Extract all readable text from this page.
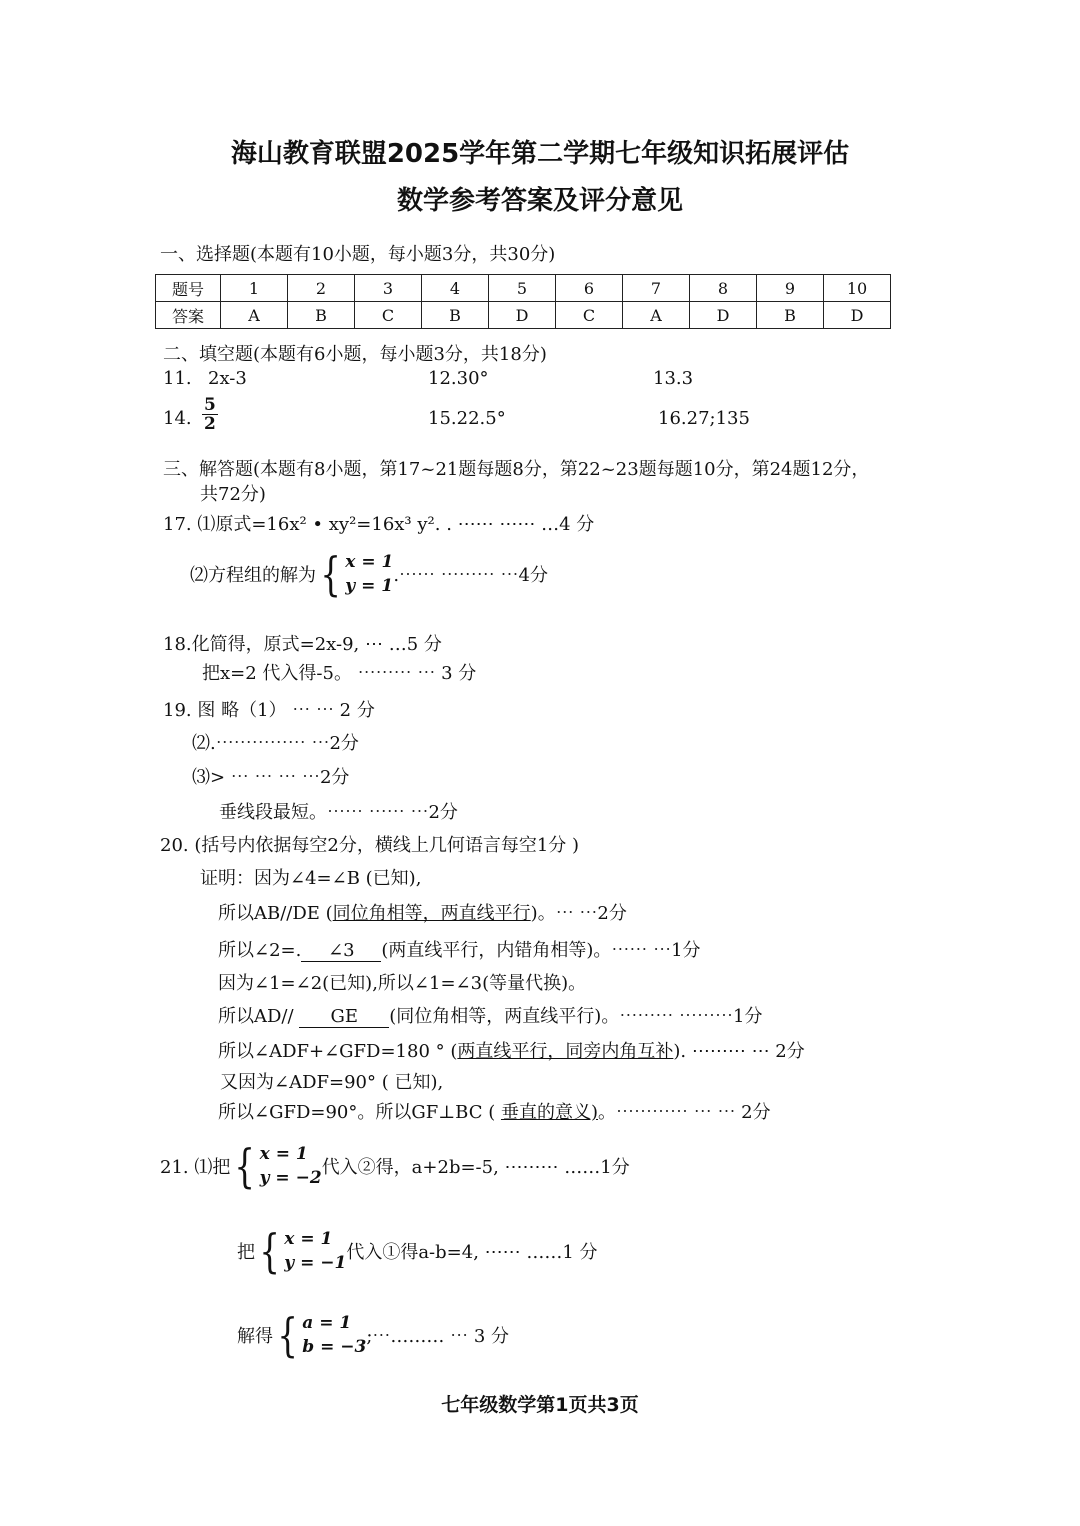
海山教育联盟2025学年第二学期七年级知识拓展评估
数学参考答案及评分意见
一、选择题(本题有10小题，每小题3分，共30分)
题号	1	2	3	4	5	6	7	8	9	10
答案	A	B	C	B	D	C	A	D	B	D
二、填空题(本题有6小题，每小题3分，共18分)
11. 2x-3	12.30°	13.3
14. $\frac{5}{2}$	15.22.5°	16.27;135
三、解答题(本题有8小题，第17~21题每题8分，第22~23题每题10分，第24题12分，
共72分)
17. ⑴原式=16x² • xy²=16x³ y². . ⋯⋯ ⋯⋯ …4 分
⑵方程组的解为 { x = 1
y = 1 .⋯⋯ ⋯⋯⋯ ⋯4分
18.化简得，原式=2x-9, ⋯ …5 分
把x=2 代入得-5。 ⋯⋯⋯ ⋯ 3 分
19. 图 略（1） ⋯ ⋯ 2 分
⑵.⋯⋯⋯⋯⋯ ⋯2分
⑶> ⋯ ⋯ ⋯ ⋯2分
垂线段最短。⋯⋯ ⋯⋯ ⋯2分
20. (括号内依据每空2分，横线上几何语言每空1分 )
证明：因为∠4=∠B (已知),
所以AB//DE (同位角相等，两直线平行)。⋯ ⋯2分
所以∠2=. ∠3 (两直线平行，内错角相等)。⋯⋯ ⋯1分
因为∠1=∠2(已知),所以∠1=∠3(等量代换)。
所以AD// GE (同位角相等，两直线平行)。⋯⋯⋯ ⋯⋯⋯1分
所以∠ADF+∠GFD=180 ° (两直线平行，同旁内角互补). ⋯⋯⋯ ⋯ 2分
又因为∠ADF=90° ( 已知),
所以∠GFD=90°。所以GF⊥BC ( 垂直的意义)。⋯⋯⋯⋯ ⋯ ⋯ 2分
21. ⑴把 { x = 1
y = −2 代入②得，a+2b=-5, ⋯⋯⋯ ……1分
把 { x = 1
y = −1 代入①得a-b=4, ⋯⋯ ……1 分
解得 { a = 1
b = −3 ;⋯……… ⋯ 3 分
七年级数学第1页共3页
